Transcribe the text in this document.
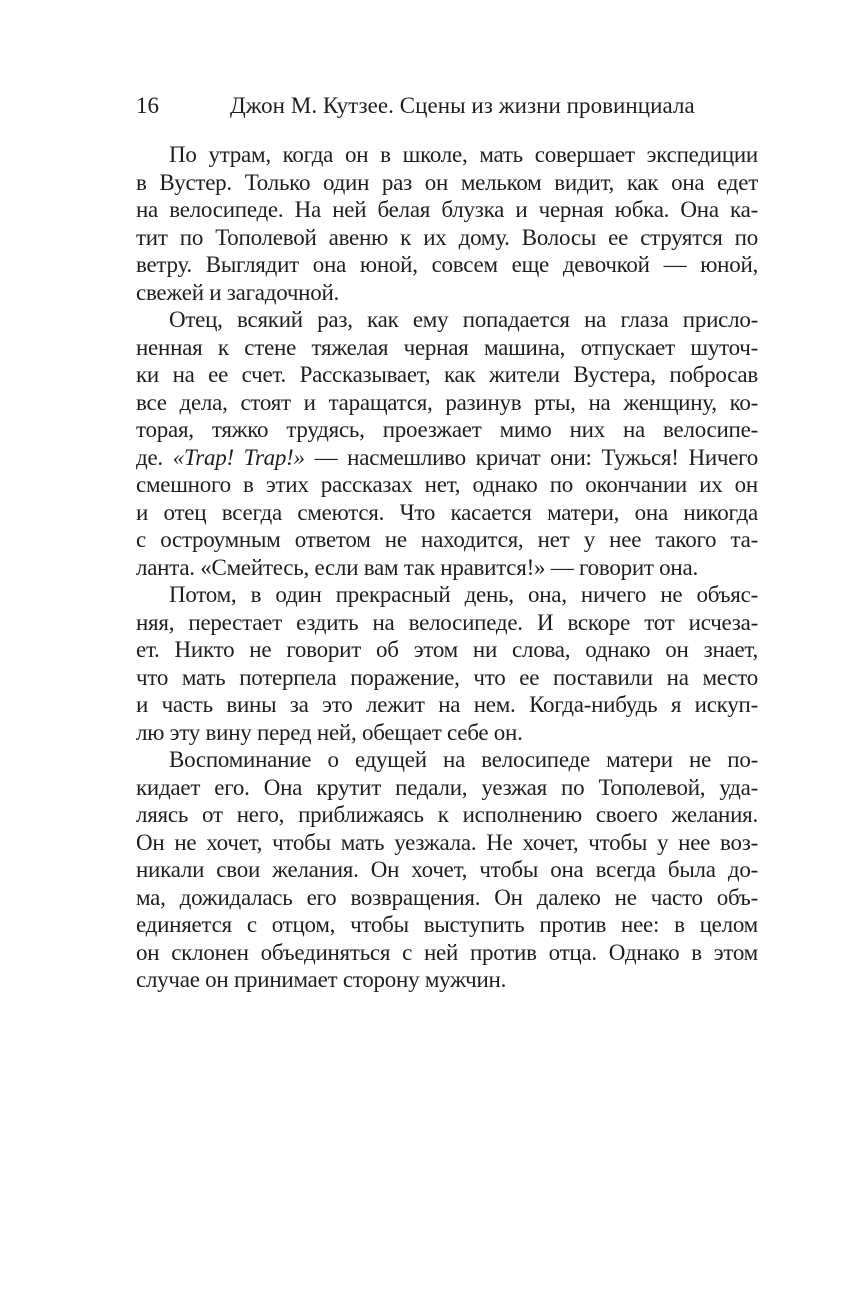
16	Джон М. Кутзее. Сцены из жизни провинциала
По утрам, когда он в школе, мать совершает экспедиции
в Вустер. Только один раз он мельком видит, как она едет
на велосипеде. На ней белая блузка и черная юбка. Она ка-
тит по Тополевой авеню к их дому. Волосы ее струятся по
ветру. Выглядит она юной, совсем еще девочкой — юной,
свежей и загадочной.
Отец, всякий раз, как ему попадается на глаза прислo-
ненная к стене тяжелая черная машина, отпускает шуточ-
ки на ее счет. Рассказывает, как жители Вустера, побросав
все дела, стоят и таращатся, разинув рты, на женщину, ко-
торая, тяжко трудясь, проезжает мимо них на велосипе-
де. «Trap! Trap!» — насмешливо кричат они: Тужься! Ничего
смешного в этих рассказах нет, однако по окончании их он
и отец всегда смеются. Что касается матери, она никогда
с остроумным ответом не находится, нет у нее такого та-
ланта. «Смейтесь, если вам так нравится!» — говорит она.
Потом, в один прекрасный день, она, ничего не объяс-
няя, перестает ездить на велосипеде. И вскоре тот исчеза-
ет. Никто не говорит об этом ни слова, однако он знает,
что мать потерпела поражение, что ее поставили на место
и часть вины за это лежит на нем. Когда-нибудь я искуп-
лю эту вину перед ней, обещает себе он.
Воспоминание о едущей на велосипеде матери не по-
кидает его. Она крутит педали, уезжая по Тополевой, уда-
ляясь от него, приближаясь к исполнению своего желания.
Он не хочет, чтобы мать уезжала. Не хочет, чтобы у нее воз-
никали свои желания. Он хочет, чтобы она всегда была до-
ма, дожидалась его возвращения. Он далеко не часто объ-
единяется с отцом, чтобы выступить против нее: в целом
он склонен объединяться с ней против отца. Однако в этом
случае он принимает сторону мужчин.
